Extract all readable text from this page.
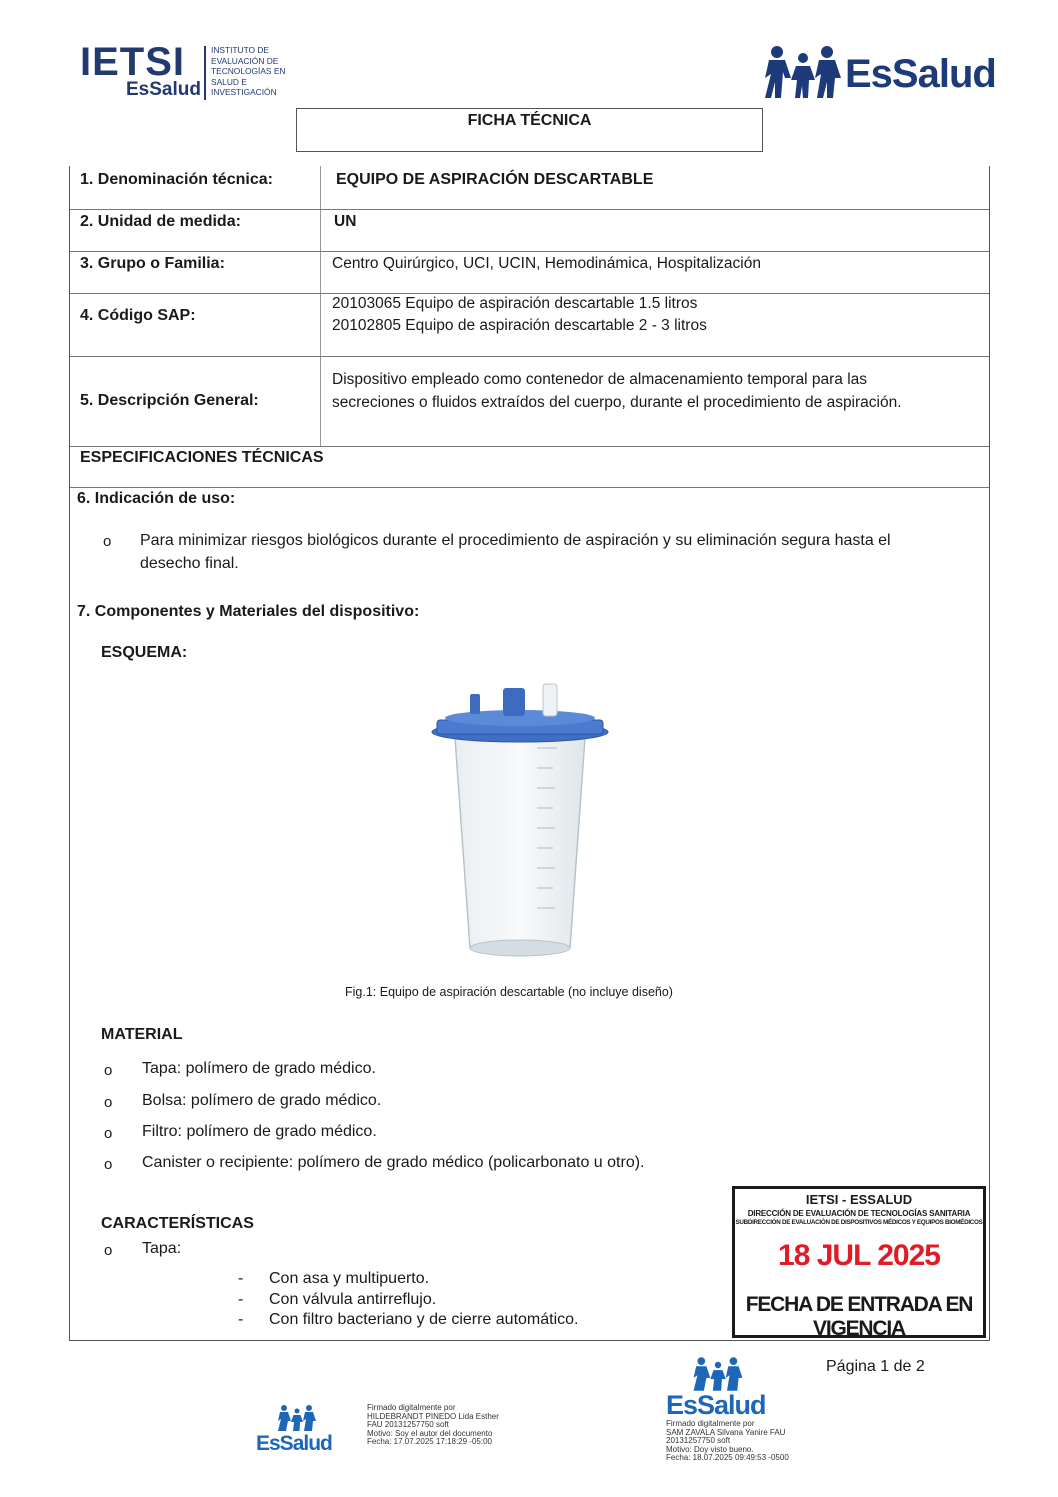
IETSI
EsSalud
INSTITUTO DE
EVALUACIÓN DE
TECNOLOGÍAS EN
SALUD E
INVESTIGACIÓN	EsSalud
FICHA TÉCNICA
1. Denominación técnica:	EQUIPO DE ASPIRACIÓN DESCARTABLE
2. Unidad de medida:	UN
3. Grupo o Familia:	Centro Quirúrgico, UCI, UCIN, Hemodinámica, Hospitalización
4. Código SAP:
20103065 Equipo de aspiración descartable 1.5 litros
20102805 Equipo de aspiración descartable 2 - 3 litros
5. Descripción General:
Dispositivo empleado como contenedor de almacenamiento temporal para las
secreciones o fluidos extraídos del cuerpo, durante el procedimiento de aspiración.
ESPECIFICACIONES TÉCNICAS
6. Indicación de uso:
o Para minimizar riesgos biológicos durante el procedimiento de aspiración y su eliminación segura hasta el
desecho final.
7. Componentes y Materiales del dispositivo:
ESQUEMA:
Fig.1: Equipo de aspiración descartable (no incluye diseño)
MATERIAL
o Tapa: polímero de grado médico.
o Bolsa: polímero de grado médico.
o Filtro: polímero de grado médico.
o Canister o recipiente: polímero de grado médico (policarbonato u otro).
CARACTERÍSTICAS
o Tapa:
- Con asa y multipuerto.
- Con válvula antirreflujo.
- Con filtro bacteriano y de cierre automático.
IETSI - ESSALUD
DIRECCIÓN DE EVALUACIÓN DE TECNOLOGÍAS SANITARIA
SUBDIRECCIÓN DE EVALUACIÓN DE DISPOSITIVOS MÉDICOS Y EQUIPOS BIOMÉDICOS
18 JUL 2025
FECHA DE ENTRADA EN VIGENCIA
Página 1 de 2
EsSalud
Firmado digitalmente por
HILDEBRANDT PINEDO Lida Esther
FAU 20131257750 soft
Motivo: Soy el autor del documento
Fecha: 17.07.2025 17:18:29 -05:00
EsSalud
Firmado digitalmente por
SAM ZAVALA Silvana Yanire FAU
20131257750 soft
Motivo: Doy visto bueno.
Fecha: 18.07.2025 09:49:53 -0500
